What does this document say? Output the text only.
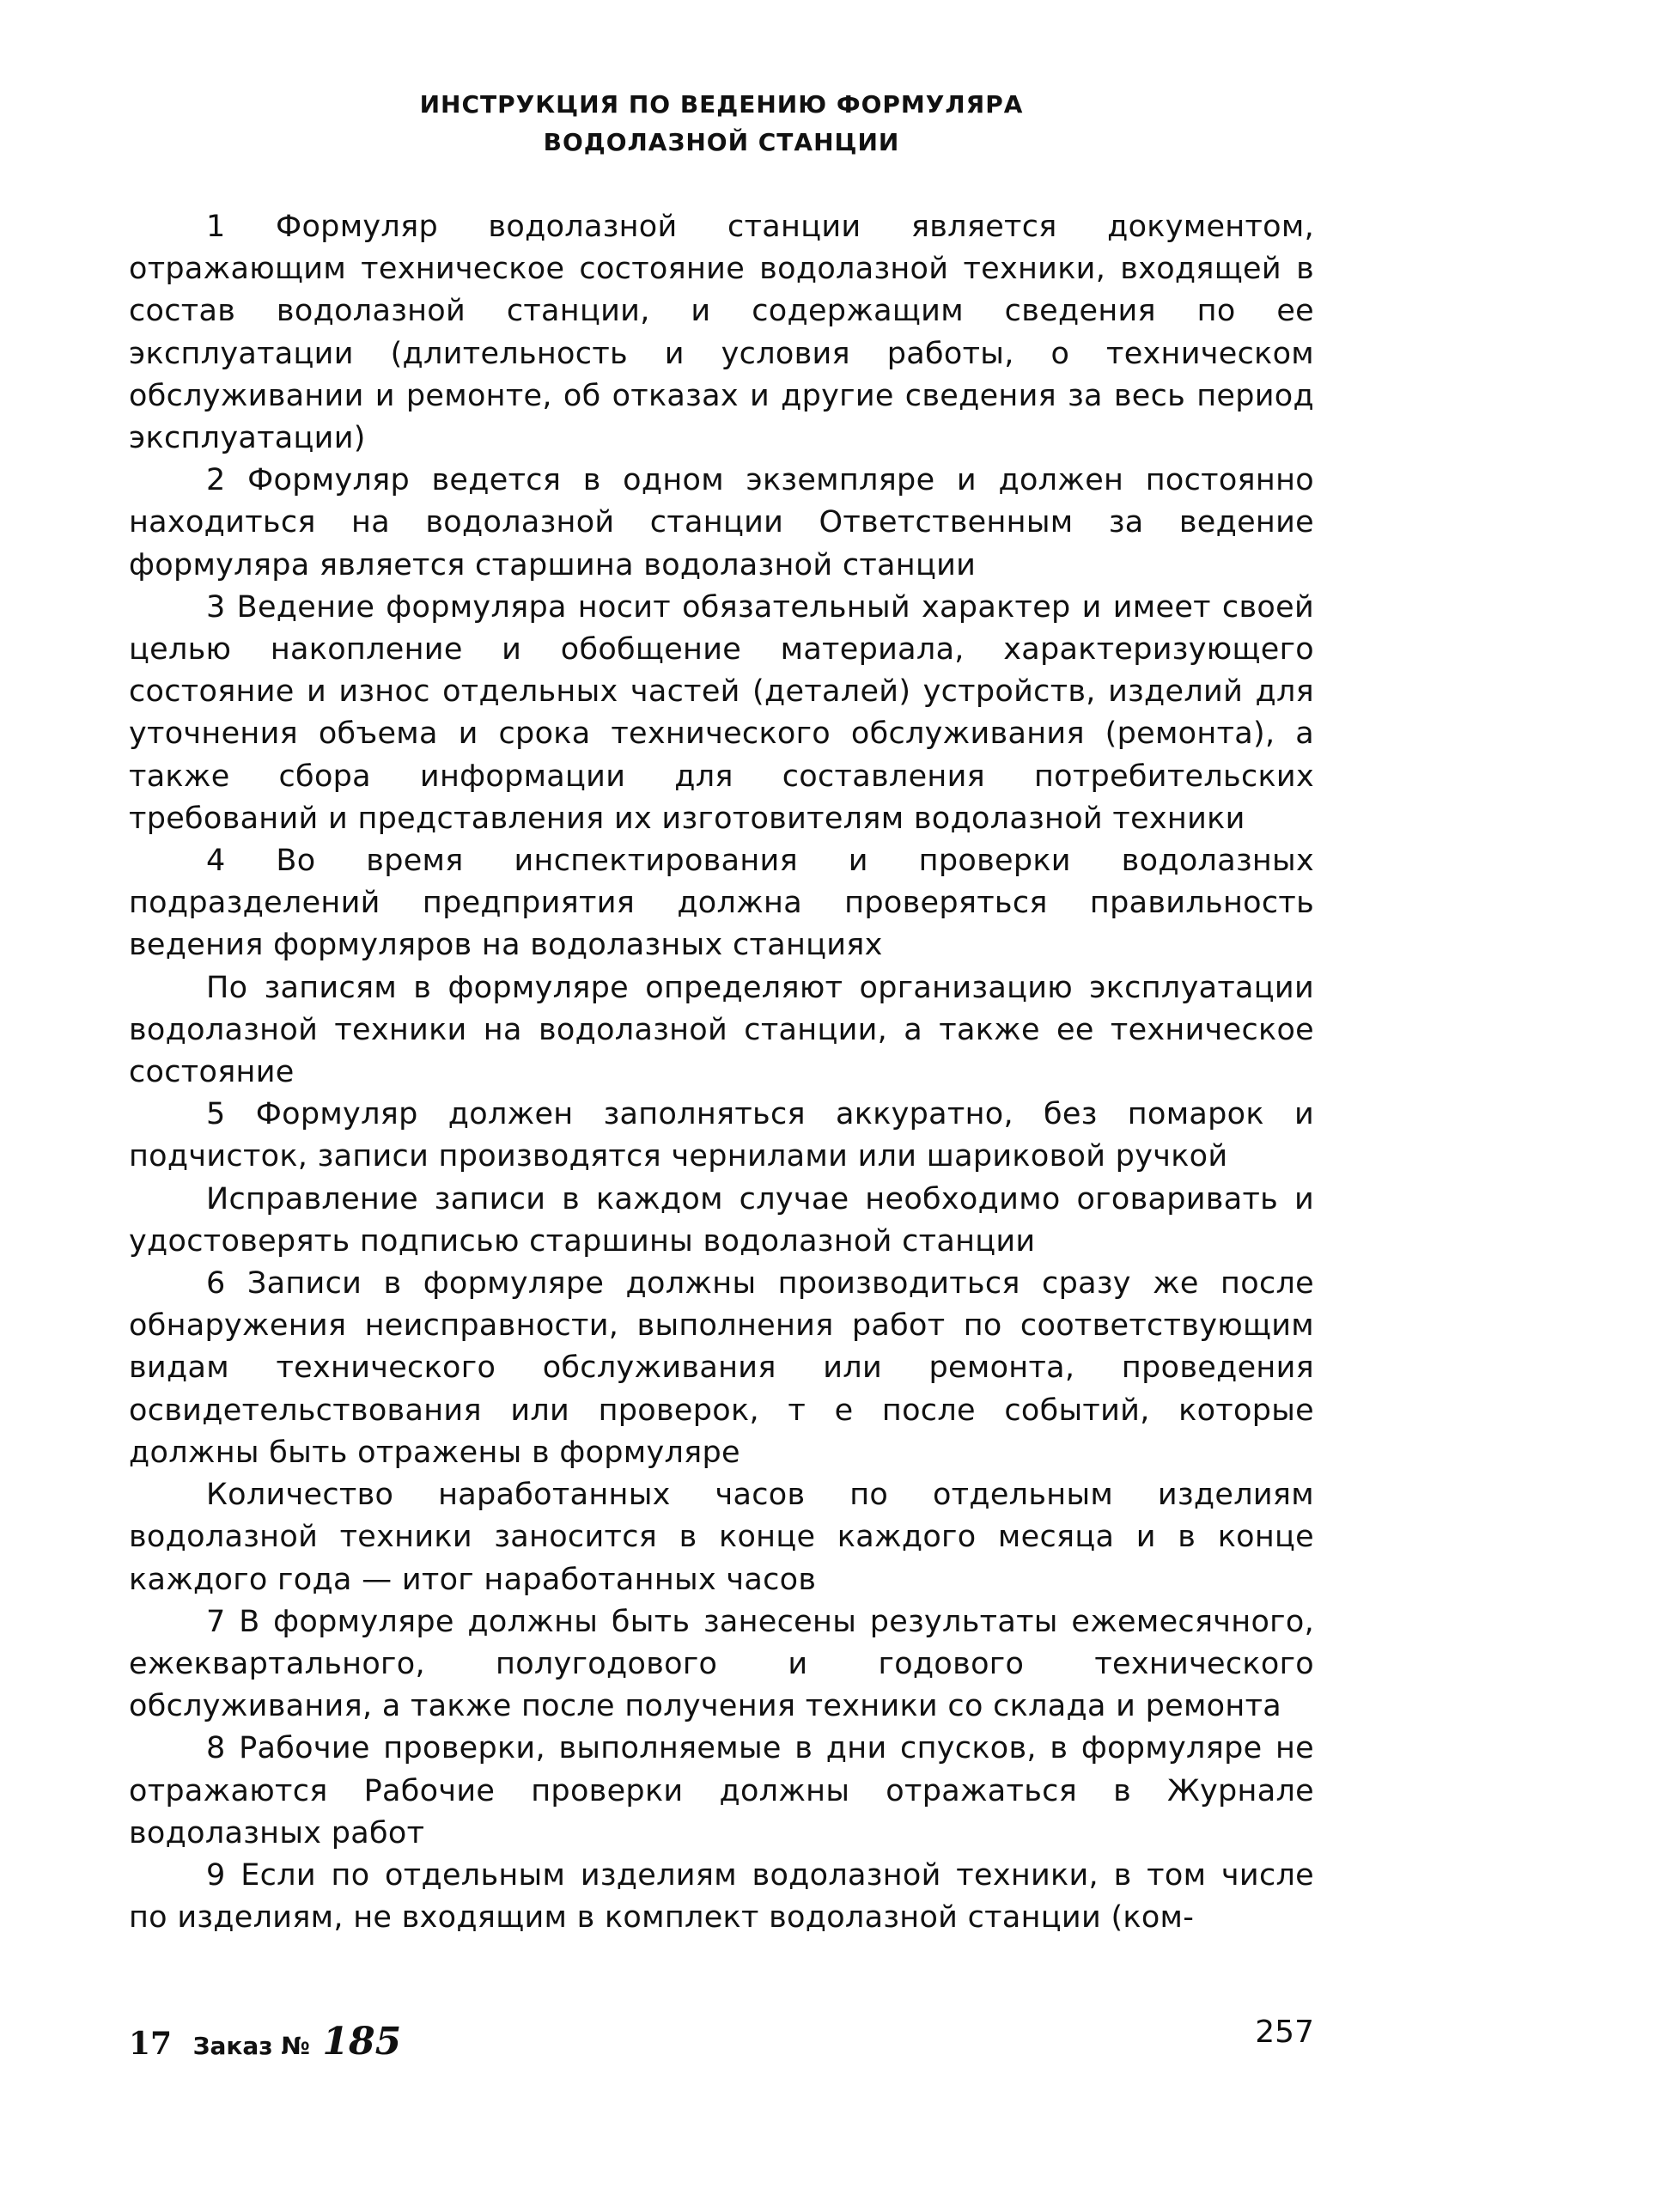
ИНСТРУКЦИЯ ПО ВЕДЕНИЮ ФОРМУЛЯРА
ВОДОЛАЗНОЙ СТАНЦИИ

1 Формуляр водолазной станции является документом, отражающим техническое состояние водолазной техники, входящей в состав водолазной станции, и содержащим сведения по ее эксплуатации (длительность и условия работы, о техническом обслуживании и ремонте, об отказах и другие сведения за весь период эксплуатации)

2 Формуляр ведется в одном экземпляре и должен постоянно находиться на водолазной станции Ответственным за ведение формуляра является старшина водолазной станции

3 Ведение формуляра носит обязательный характер и имеет своей целью накопление и обобщение материала, характеризующего состояние и износ отдельных частей (деталей) устройств, изделий для уточнения объема и срока технического обслуживания (ремонта), а также сбора информации для составления потребительских требований и представления их изготовителям водолазной техники

4 Во время инспектирования и проверки водолазных подразделений предприятия должна проверяться правильность ведения формуляров на водолазных станциях

По записям в формуляре определяют организацию эксплуатации водолазной техники на водолазной станции, а также ее техническое состояние

5 Формуляр должен заполняться аккуратно, без помарок и подчисток, записи производятся чернилами или шариковой ручкой

Исправление записи в каждом случае необходимо оговаривать и удостоверять подписью старшины водолазной станции

6 Записи в формуляре должны производиться сразу же после обнаружения неисправности, выполнения работ по соответствующим видам технического обслуживания или ремонта, проведения освидетельствования или проверок, т е после событий, которые должны быть отражены в формуляре

Количество наработанных часов по отдельным изделиям водолазной техники заносится в конце каждого месяца и в конце каждого года — итог наработанных часов

7 В формуляре должны быть занесены результаты ежемесячного, ежеквартального, полугодового и годового технического обслуживания, а также после получения техники со склада и ремонта

8 Рабочие проверки, выполняемые в дни спусков, в формуляре не отражаются Рабочие проверки должны отражаться в Журнале водолазных работ

9 Если по отдельным изделиям водолазной техники, в том числе по изделиям, не входящим в комплект водолазной станции (ком-

17 Заказ № 185	257
